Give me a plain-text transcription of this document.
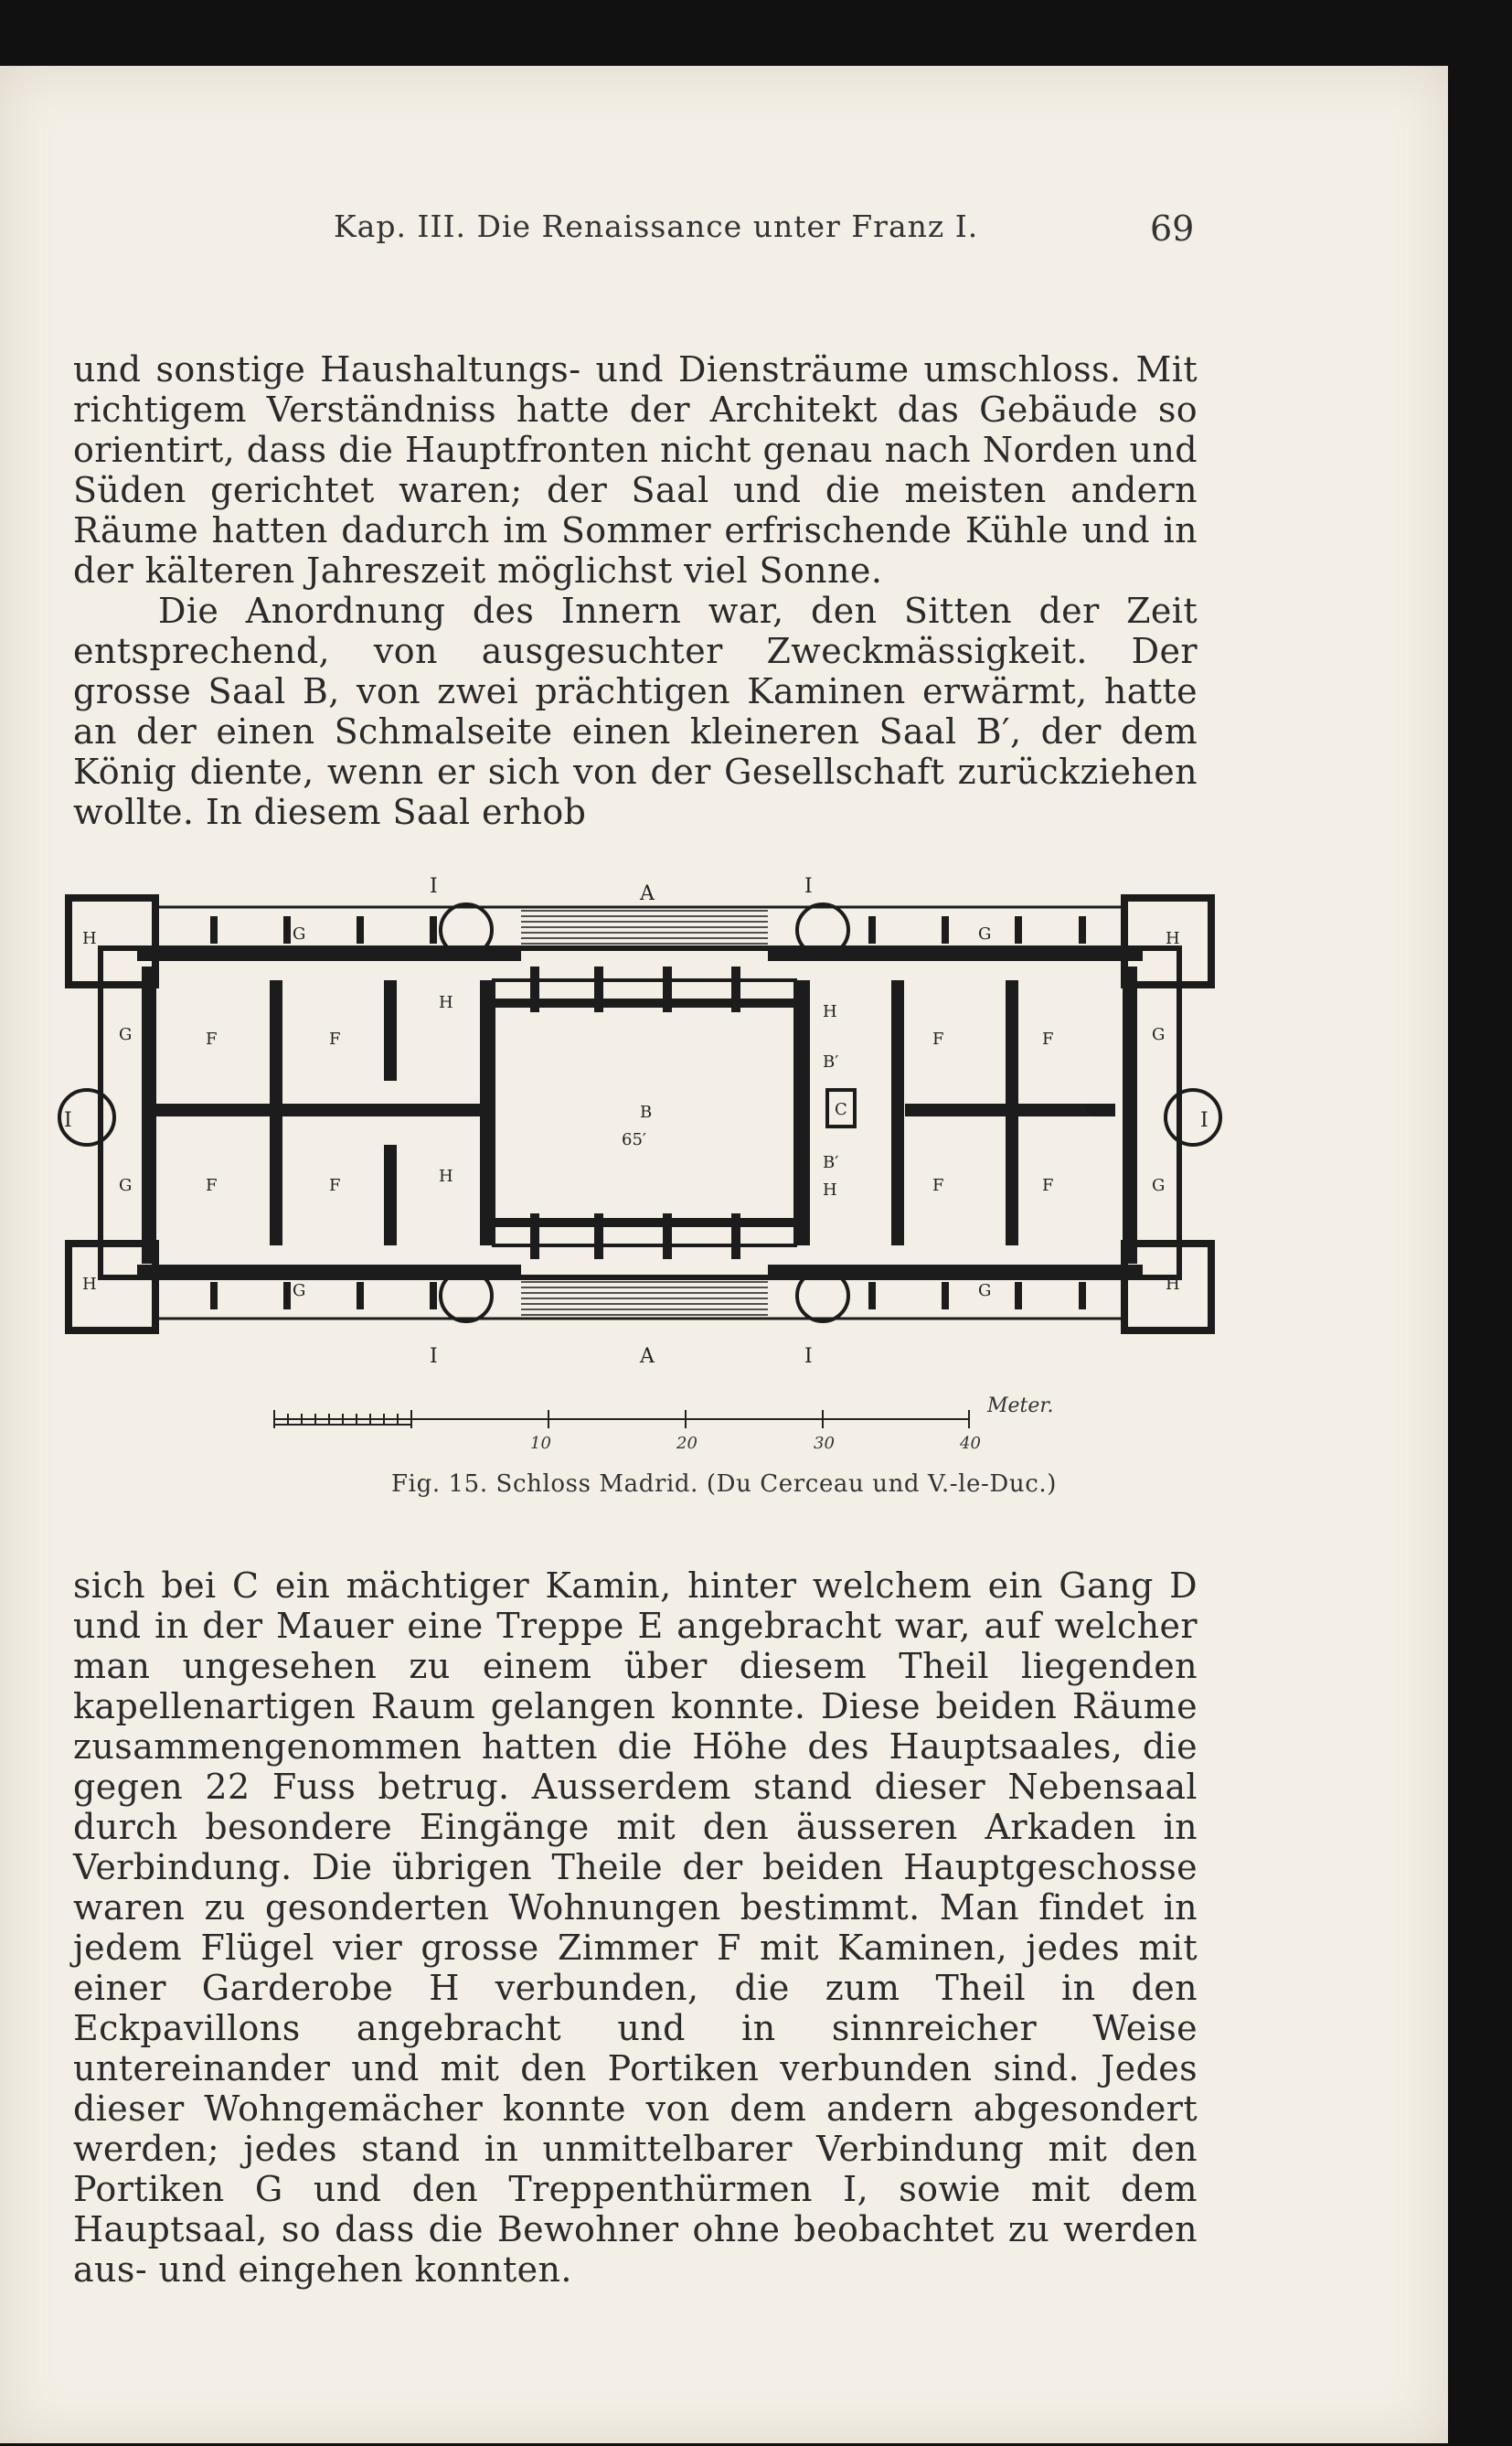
Kap. III. Die Renaissance unter Franz I.	69

und sonstige Haushaltungs- und Diensträume umschloss. Mit richtigem Verständniss hatte der Architekt das Gebäude so orientirt, dass die Hauptfronten nicht genau nach Norden und Süden gerichtet waren; der Saal und die meisten andern Räume hatten dadurch im Sommer erfrischende Kühle und in der kälteren Jahreszeit möglichst viel Sonne.

Die Anordnung des Innern war, den Sitten der Zeit entsprechend, von ausgesuchter Zweckmässigkeit. Der grosse Saal B, von zwei prächtigen Kaminen erwärmt, hatte an der einen Schmalseite einen kleineren Saal B′, der dem König diente, wenn er sich von der Gesellschaft zurückziehen wollte. In diesem Saal erhob

H	H
H	H
H
H
H
H
F	F
F	F
F	F
F	F
G	G
G	G
G
G
G
G
B
65′
B′
B′
C	K
I	I
I	I
I	I
A
A
10	20	30	40
Meter.
Fig. 15. Schloss Madrid. (Du Cerceau und V.-le-Duc.)

sich bei C ein mächtiger Kamin, hinter welchem ein Gang D und in der Mauer eine Treppe E angebracht war, auf welcher man ungesehen zu einem über diesem Theil liegenden kapellenartigen Raum gelangen konnte. Diese beiden Räume zusammengenommen hatten die Höhe des Hauptsaales, die gegen 22 Fuss betrug. Ausserdem stand dieser Nebensaal durch besondere Eingänge mit den äusseren Arkaden in Verbindung. Die übrigen Theile der beiden Hauptgeschosse waren zu gesonderten Wohnungen bestimmt. Man findet in jedem Flügel vier grosse Zimmer F mit Kaminen, jedes mit einer Garderobe H verbunden, die zum Theil in den Eckpavillons angebracht und in sinnreicher Weise untereinander und mit den Portiken verbunden sind. Jedes dieser Wohngemächer konnte von dem andern abgesondert werden; jedes stand in unmittelbarer Verbindung mit den Portiken G und den Treppenthürmen I, sowie mit dem Hauptsaal, so dass die Bewohner ohne beobachtet zu werden aus- und eingehen konnten.
